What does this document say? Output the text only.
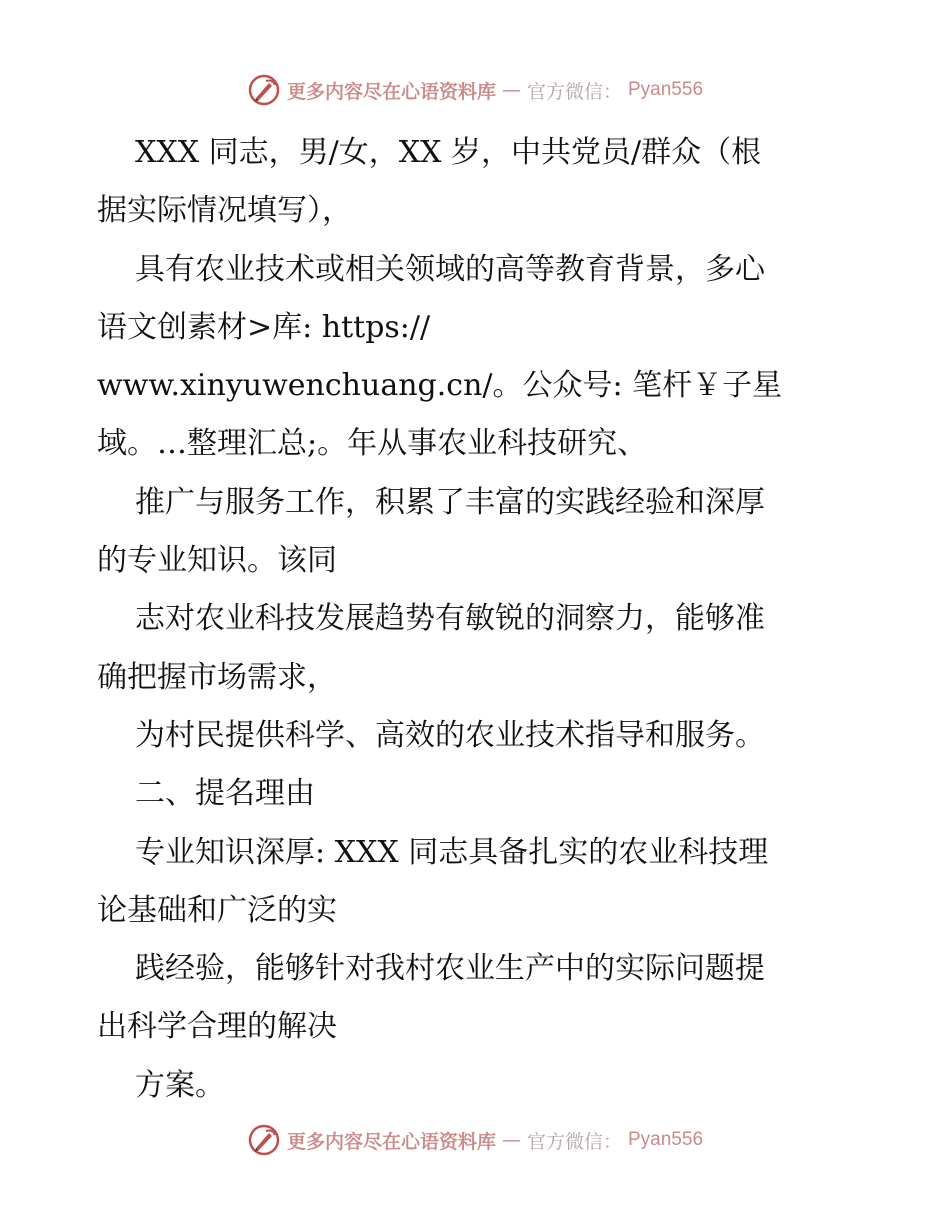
更多内容尽在心语资料库 — 官方微信： Pyan556
XXX 同志，男/女，XX 岁，中共党员/群众（根
据实际情况填写），
具有农业技术或相关领域的高等教育背景，多心
语文创素材>库: https://
www.xinyuwenchuang.cn/。公众号: 笔杆￥子星
域。…整理汇总;。年从事农业科技研究、
推广与服务工作，积累了丰富的实践经验和深厚
的专业知识。该同
志对农业科技发展趋势有敏锐的洞察力，能够准
确把握市场需求，
为村民提供科学、高效的农业技术指导和服务。
二、提名理由
专业知识深厚: XXX 同志具备扎实的农业科技理
论基础和广泛的实
践经验，能够针对我村农业生产中的实际问题提
出科学合理的解决
方案。
更多内容尽在心语资料库 — 官方微信： Pyan556
